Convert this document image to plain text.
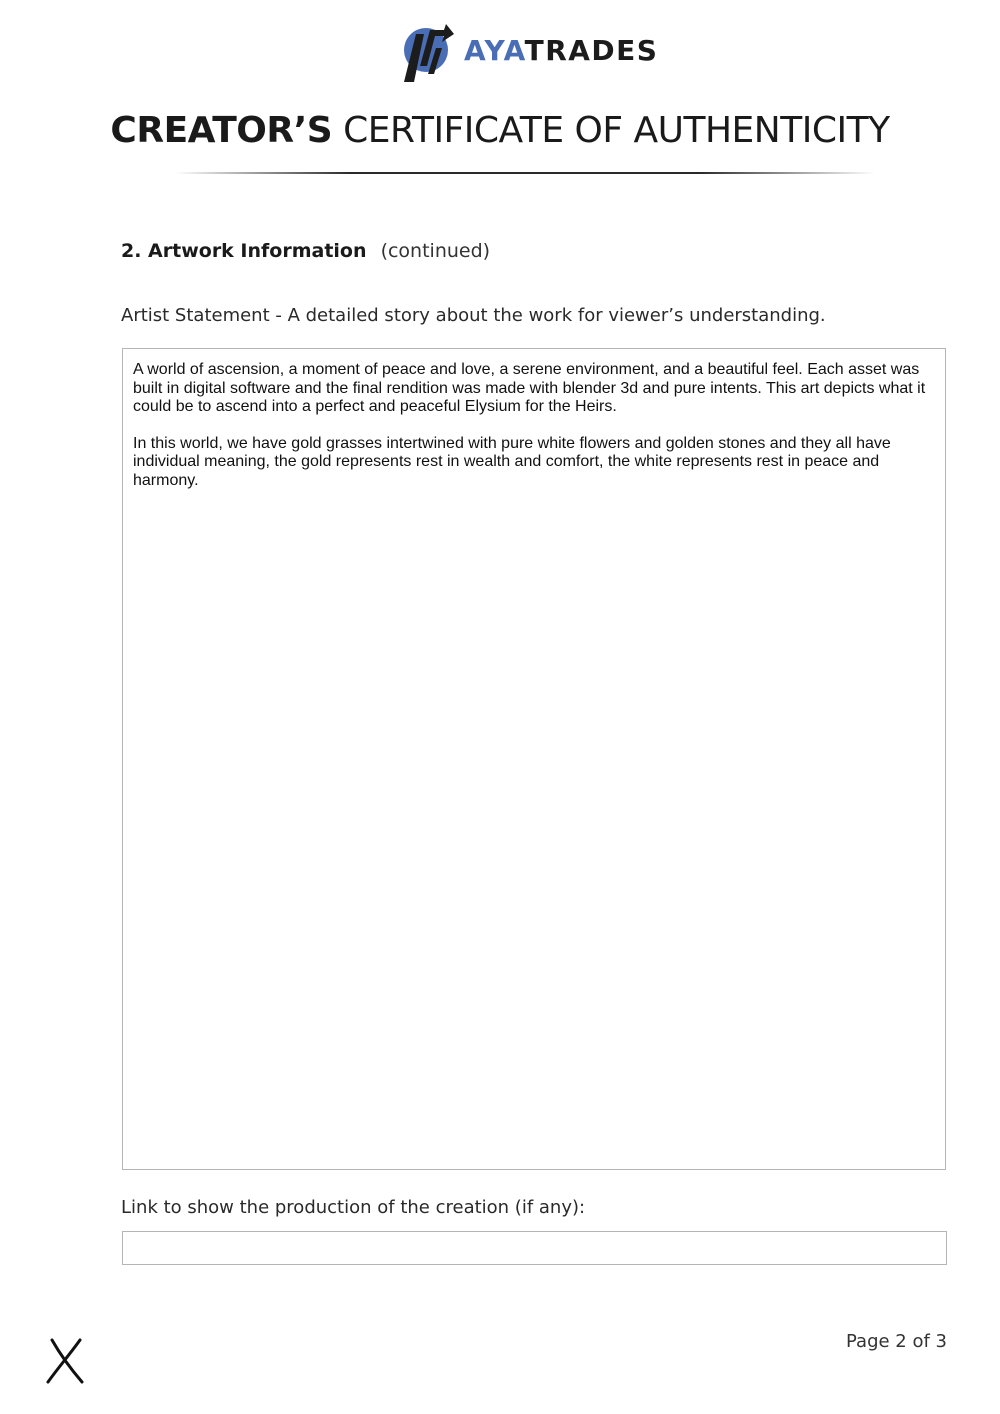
AYATRADES
CREATOR’S CERTIFICATE OF AUTHENTICITY
2. Artwork Information (continued)
Artist Statement - A detailed story about the work for viewer’s understanding.

A world of ascension, a moment of peace and love, a serene environment, and a beautiful feel. Each asset was built in digital software and the final rendition was made with blender 3d and pure intents. This art depicts what it could be to ascend into a perfect and peaceful Elysium for the Heirs.

In this world, we have gold grasses intertwined with pure white flowers and golden stones and they all have individual meaning, the gold represents rest in wealth and comfort, the white represents rest in peace and harmony.

Link to show the production of the creation (if any):
Page 2 of 3
